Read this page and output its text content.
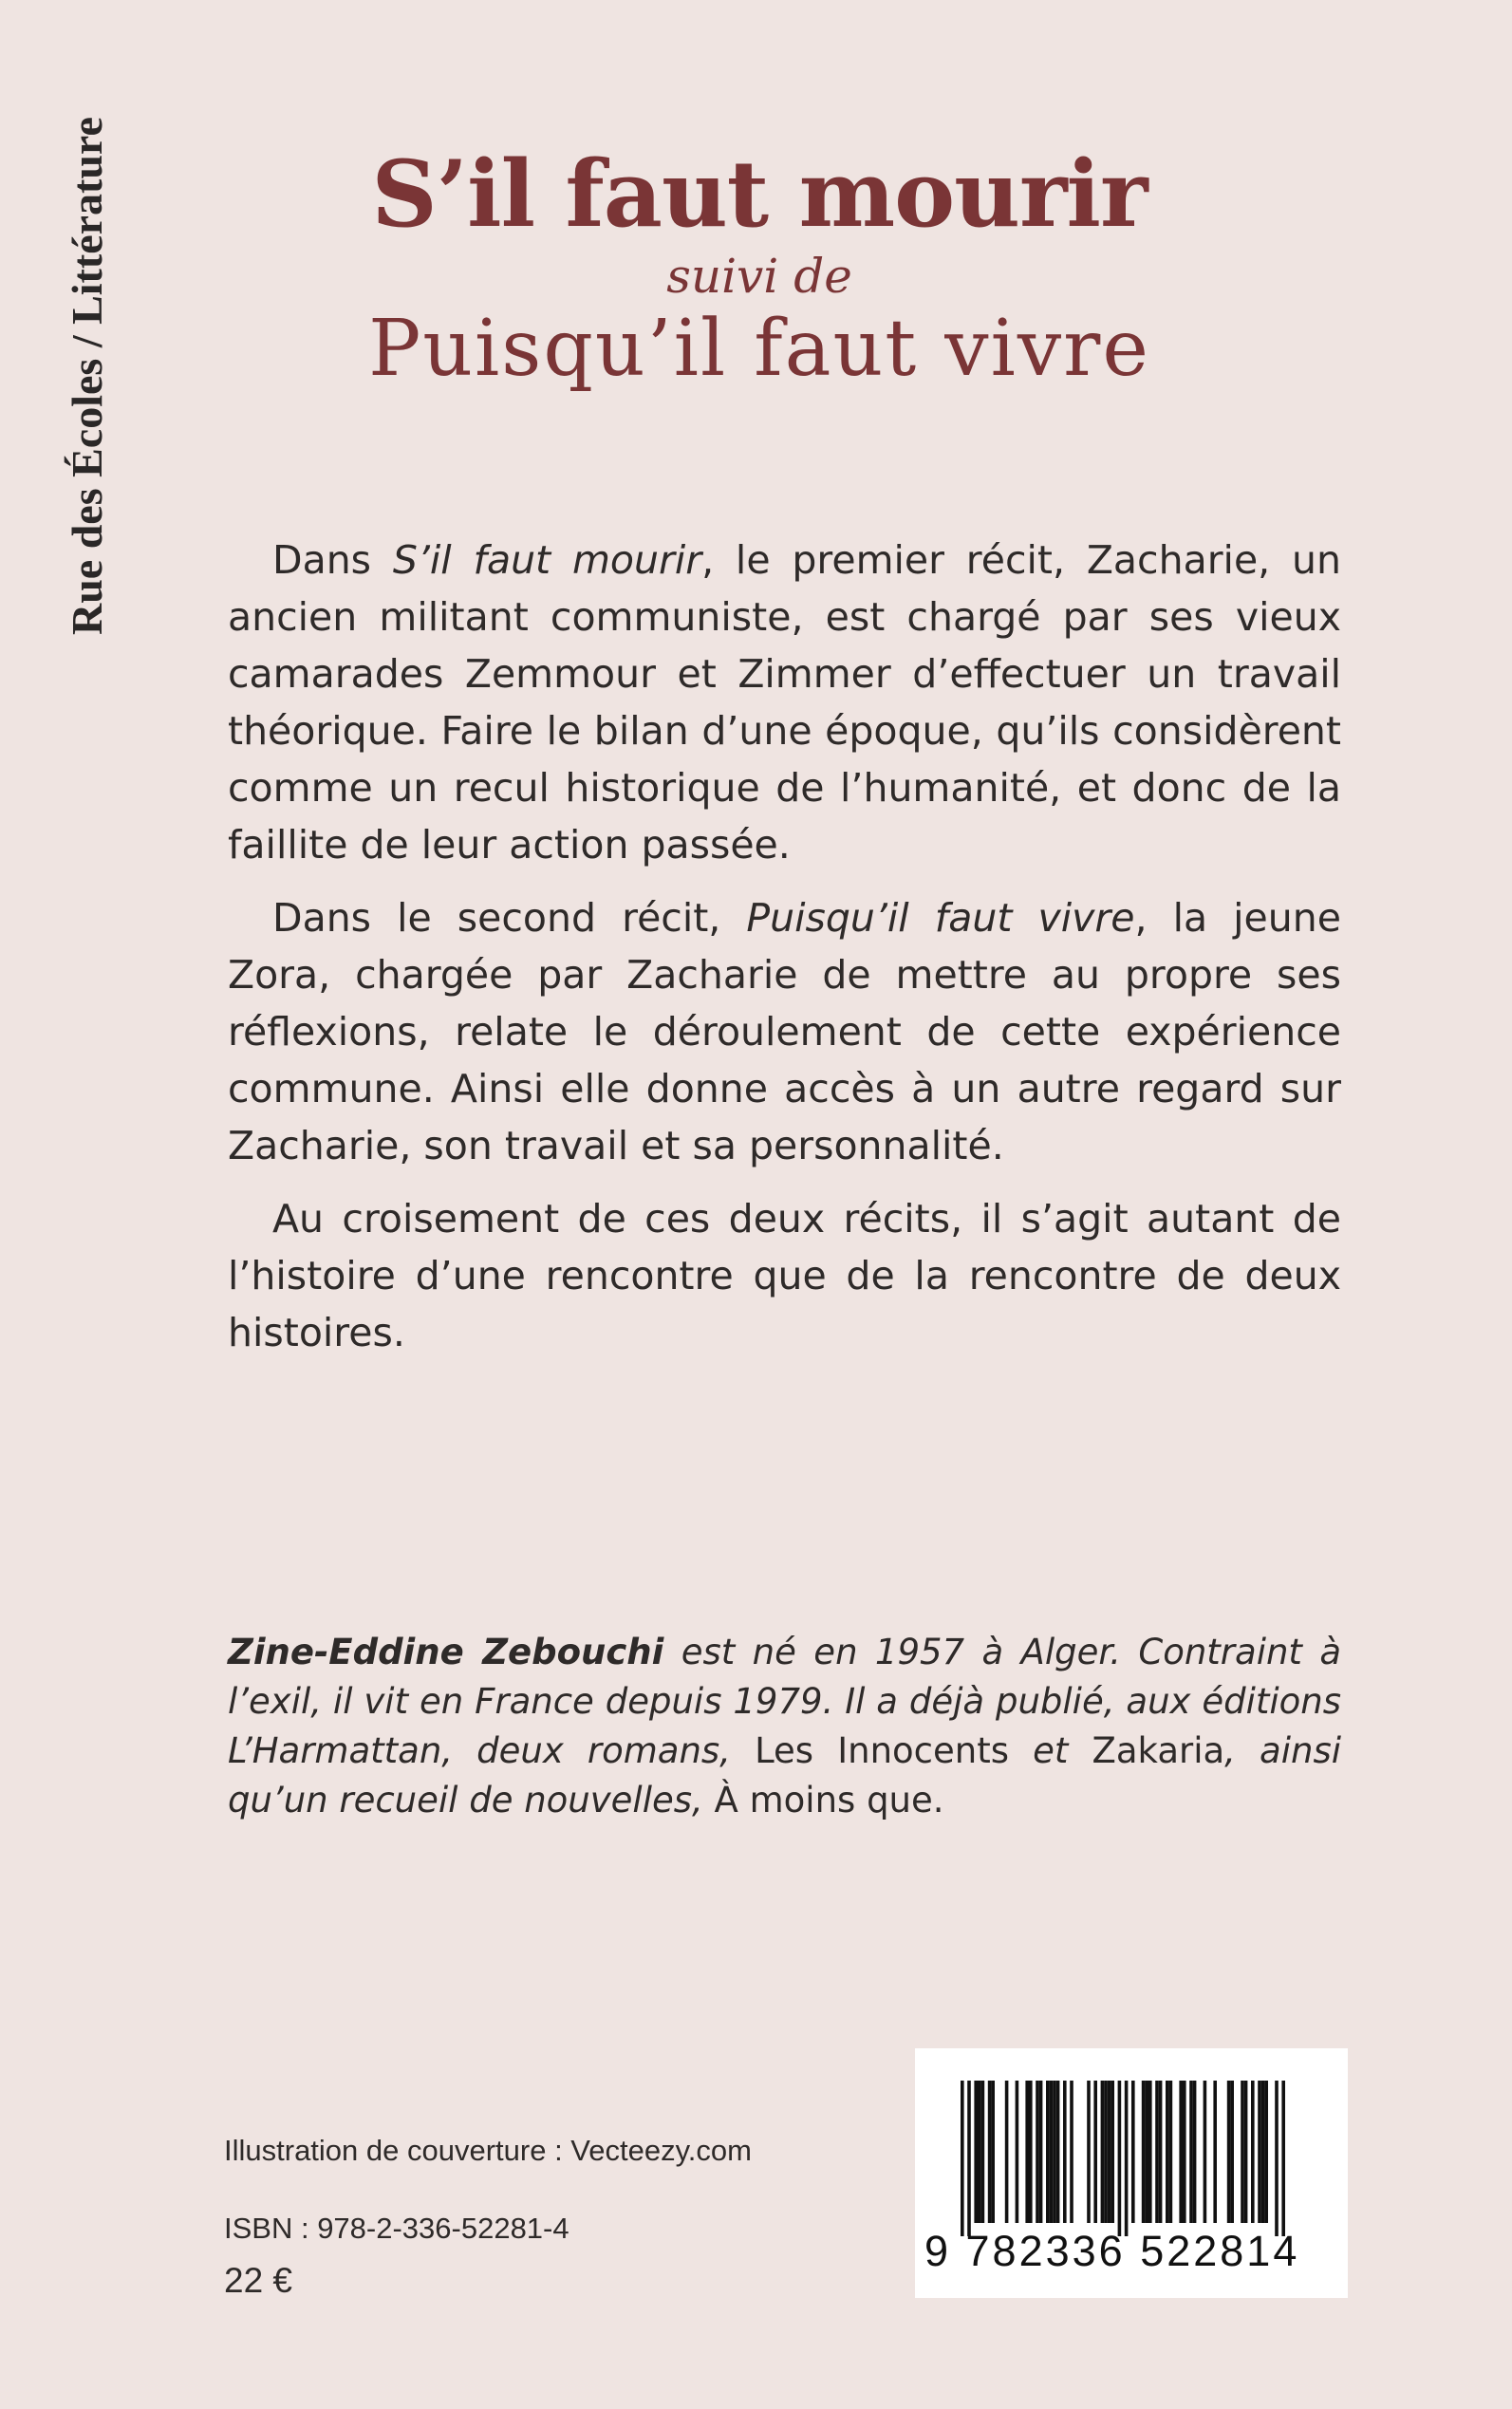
Rue des Écoles / Littérature	S’il faut mourir
suivi de
Puisqu’il faut vivre

Dans S’il faut mourir, le premier récit, Zacharie, un ancien militant communiste, est chargé par ses vieux camarades Zemmour et Zimmer d’effectuer un travail théorique. Faire le bilan d’une époque, qu’ils considèrent comme un recul historique de l’humanité, et donc de la faillite de leur action passée.

Dans le second récit, Puisqu’il faut vivre, la jeune Zora, chargée par Zacharie de mettre au propre ses réflexions, relate le déroulement de cette expérience commune. Ainsi elle donne accès à un autre regard sur Zacharie, son travail et sa personnalité.

Au croisement de ces deux récits, il s’agit autant de l’histoire d’une rencontre que de la rencontre de deux histoires.

Zine-Eddine Zebouchi est né en 1957 à Alger. Contraint à l’exil, il vit en France depuis 1979. Il a déjà publié, aux éditions L’Harmattan, deux romans, Les Innocents et Zakaria, ainsi qu’un recueil de nouvelles, À moins que.
Illustration de couverture : Vecteezy.com
ISBN : 978-2-336-52281-4
22 €
9 782336 522814
